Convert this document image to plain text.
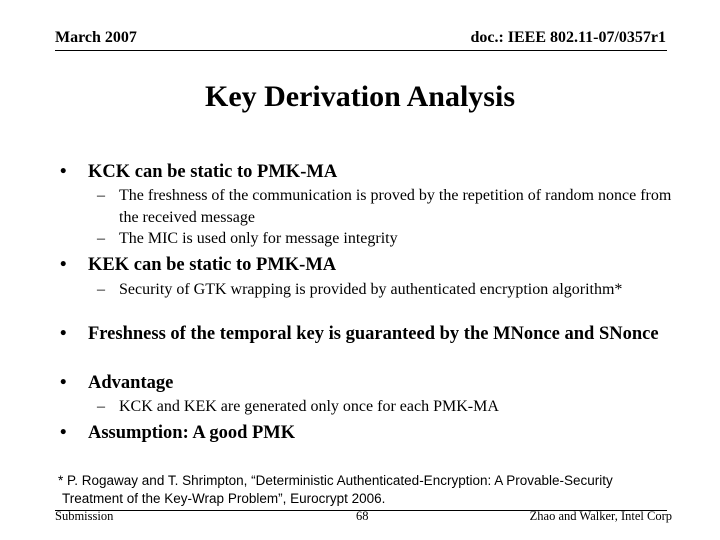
March 2007	doc.: IEEE 802.11-07/0357r1
Key Derivation Analysis
• KCK can be static to PMK-MA
– The freshness of the communication is proved by the repetition of random nonce from the received message
– The MIC is used only for message integrity
• KEK can be static to PMK-MA
– Security of GTK wrapping is provided by authenticated encryption algorithm*
• Freshness of the temporal key is guaranteed by the MNonce and SNonce
• Advantage
– KCK and KEK are generated only once for each PMK-MA
• Assumption: A good PMK
* P. Rogaway and T. Shrimpton, “Deterministic Authenticated-Encryption: A Provable-Security
Treatment of the Key-Wrap Problem”, Eurocrypt 2006.
Submission	68	Zhao and Walker, Intel Corp
